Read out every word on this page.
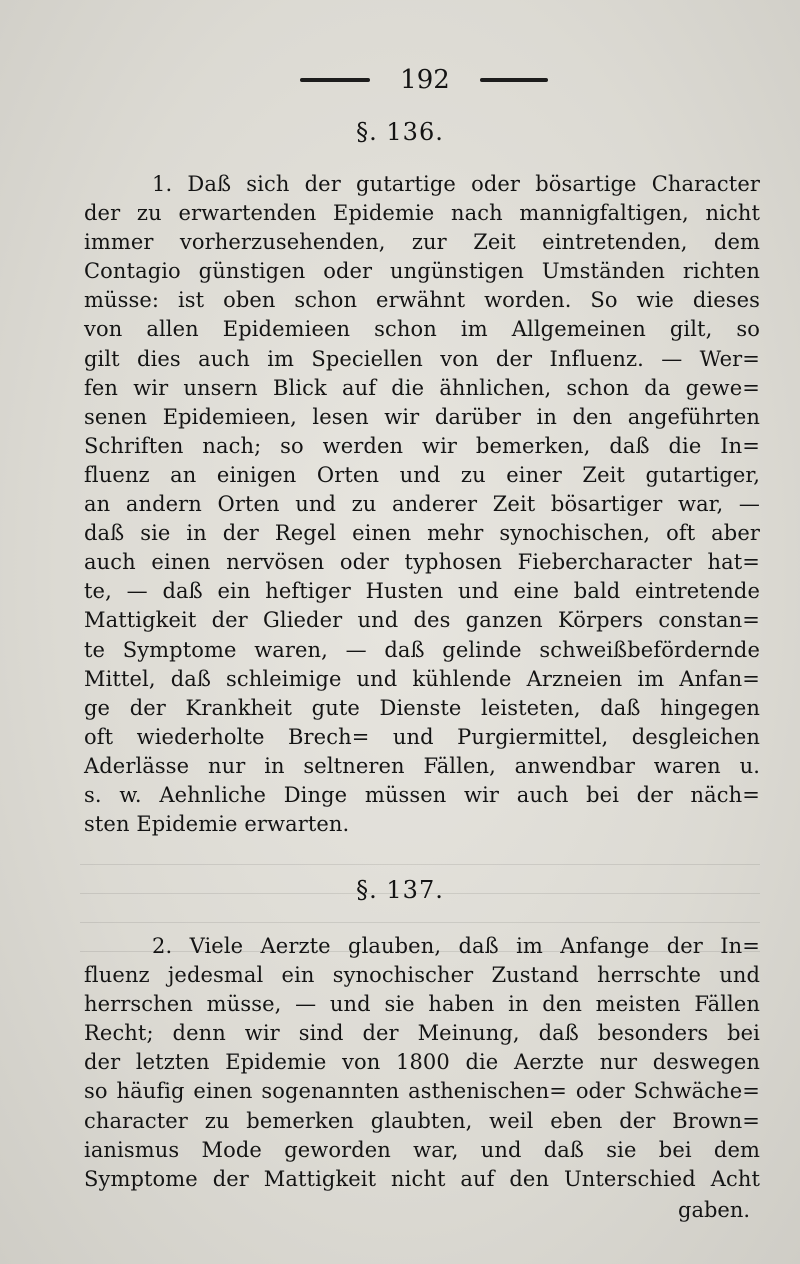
192
§. 136.
1. Daß sich der gutartige oder bösartige Character
der zu erwartenden Epidemie nach mannigfaltigen, nicht
immer vorherzusehenden, zur Zeit eintretenden, dem
Contagio günstigen oder ungünstigen Umständen richten
müsse: ist oben schon erwähnt worden. So wie dieses
von allen Epidemieen schon im Allgemeinen gilt, so
gilt dies auch im Speciellen von der Influenz. — Wer=
fen wir unsern Blick auf die ähnlichen, schon da gewe=
senen Epidemieen, lesen wir darüber in den angeführten
Schriften nach; so werden wir bemerken, daß die In=
fluenz an einigen Orten und zu einer Zeit gutartiger,
an andern Orten und zu anderer Zeit bösartiger war, —
daß sie in der Regel einen mehr synochischen, oft aber
auch einen nervösen oder typhosen Fiebercharacter hat=
te, — daß ein heftiger Husten und eine bald eintretende
Mattigkeit der Glieder und des ganzen Körpers constan=
te Symptome waren, — daß gelinde schweißbefördernde
Mittel, daß schleimige und kühlende Arzneien im Anfan=
ge der Krankheit gute Dienste leisteten, daß hingegen
oft wiederholte Brech= und Purgiermittel, desgleichen
Aderlässe nur in seltneren Fällen, anwendbar waren u.
s. w. Aehnliche Dinge müssen wir auch bei der näch=
sten Epidemie erwarten.
§. 137.
2. Viele Aerzte glauben, daß im Anfange der In=
fluenz jedesmal ein synochischer Zustand herrschte und
herrschen müsse, — und sie haben in den meisten Fällen
Recht; denn wir sind der Meinung, daß besonders bei
der letzten Epidemie von 1800 die Aerzte nur deswegen
so häufig einen sogenannten asthenischen= oder Schwäche=
character zu bemerken glaubten, weil eben der Brown=
ianismus Mode geworden war, und daß sie bei dem
Symptome der Mattigkeit nicht auf den Unterschied Acht
gaben.
